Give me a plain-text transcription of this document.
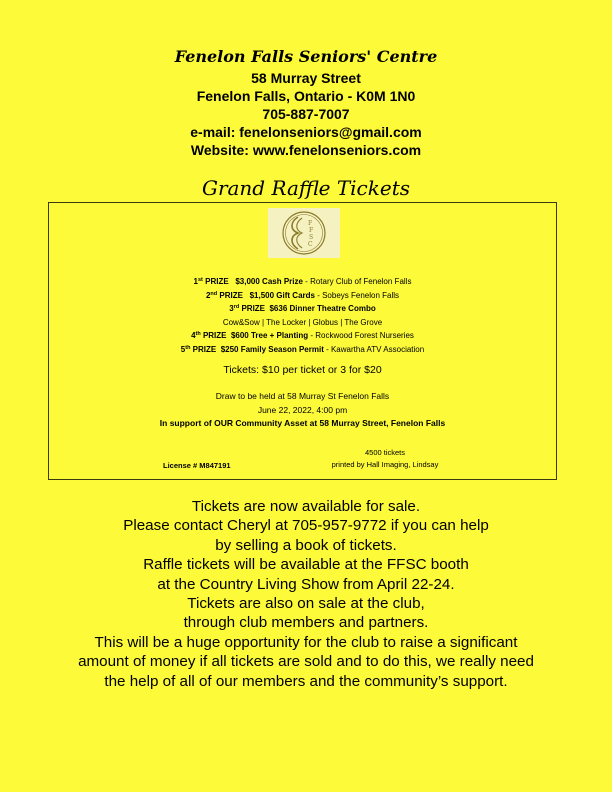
Fenelon Falls Seniors' Centre
58 Murray Street
Fenelon Falls, Ontario - K0M 1N0
705-887-7007
e-mail: fenelonseniors@gmail.com
Website: www.fenelonseniors.com
Grand Raffle Tickets
F
F
S
C
1st PRIZE $3,000 Cash Prize - Rotary Club of Fenelon Falls
2nd PRIZE $1,500 Gift Cards - Sobeys Fenelon Falls
3rd PRIZE $636 Dinner Theatre Combo
Cow&Sow | The Locker | Globus | The Grove
4th PRIZE $600 Tree + Planting - Rockwood Forest Nurseries
5th PRIZE $250 Family Season Permit - Kawartha ATV Association
Tickets: $10 per ticket or 3 for $20
Draw to be held at 58 Murray St Fenelon Falls
June 22, 2022, 4:00 pm
In support of OUR Community Asset at 58 Murray Street, Fenelon Falls
4500 tickets
printed by Hall Imaging, Lindsay
License # M847191
Tickets are now available for sale.
Please contact Cheryl at 705-957-9772 if you can help
by selling a book of tickets.
Raffle tickets will be available at the FFSC booth
at the Country Living Show from April 22-24.
Tickets are also on sale at the club,
through club members and partners.
This will be a huge opportunity for the club to raise a significant
amount of money if all tickets are sold and to do this, we really need
the help of all of our members and the community’s support.
